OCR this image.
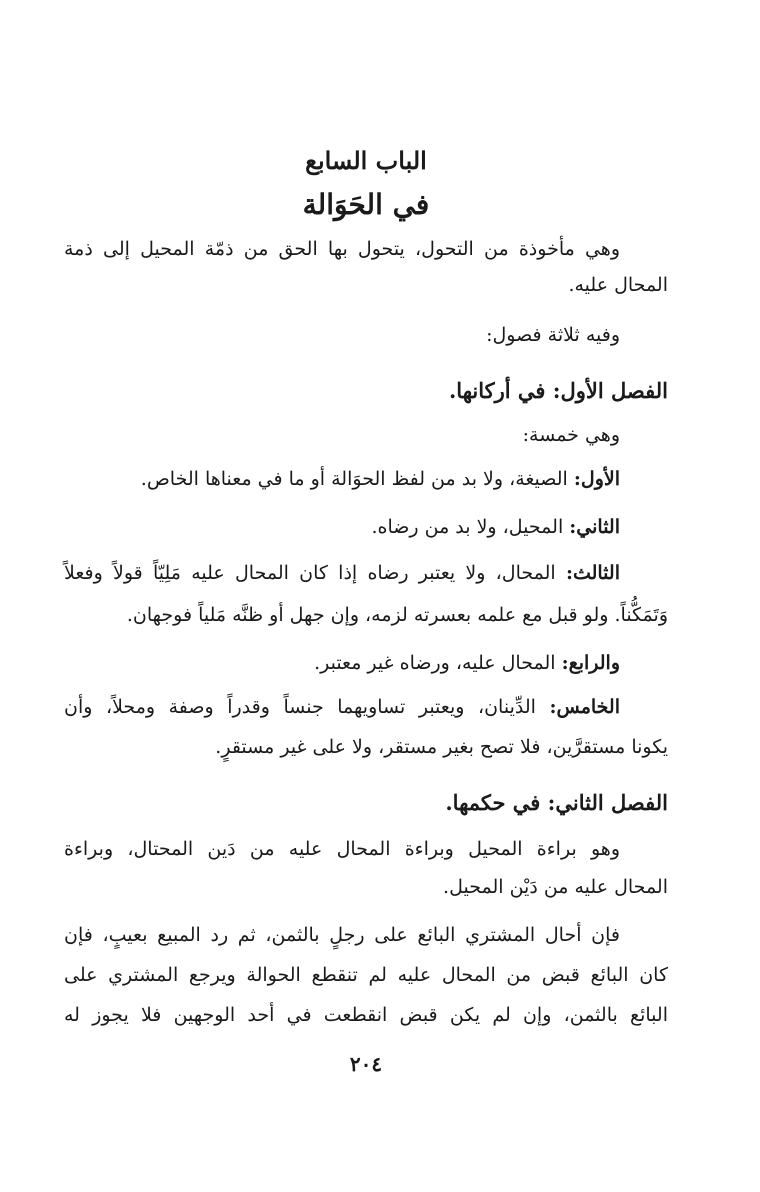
الباب السابع
في الحَوَالة

وهي مأخوذة من التحول، يتحول بها الحق من ذمّة المحيل إلى ذمة

المحال عليه.

وفيه ثلاثة فصول:

الفصل الأول: في أركانها.

وهي خمسة:

الأول: الصيغة، ولا بد من لفظ الحوَالة أو ما في معناها الخاص.

الثاني: المحيل، ولا بد من رضاه.

الثالث: المحال، ولا يعتبر رضاه إذا كان المحال عليه مَلِيّاً قولاً وفعلاً

وَتَمَكُّناً. ولو قبل مع علمه بعسرته لزمه، وإن جهل أو ظنَّه مَلياً فوجهان.

والرابع: المحال عليه، ورضاه غير معتبر.

الخامس: الدِّينان، ويعتبر تساويهما جنساً وقدراً وصفة ومحلاً، وأن

يكونا مستقرَّين، فلا تصح بغير مستقر، ولا على غير مستقرٍ.

الفصل الثاني: في حكمها.

وهو براءة المحيل وبراءة المحال عليه من دَين المحتال، وبراءة

المحال عليه من دَيْن المحيل.

فإن أحال المشتري البائع على رجلٍ بالثمن، ثم رد المبيع بعيبٍ، فإن

كان البائع قبض من المحال عليه لم تنقطع الحوالة ويرجع المشتري على

البائع بالثمن، وإن لم يكن قبض انقطعت في أحد الوجهين فلا يجوز له

٢٠٤
